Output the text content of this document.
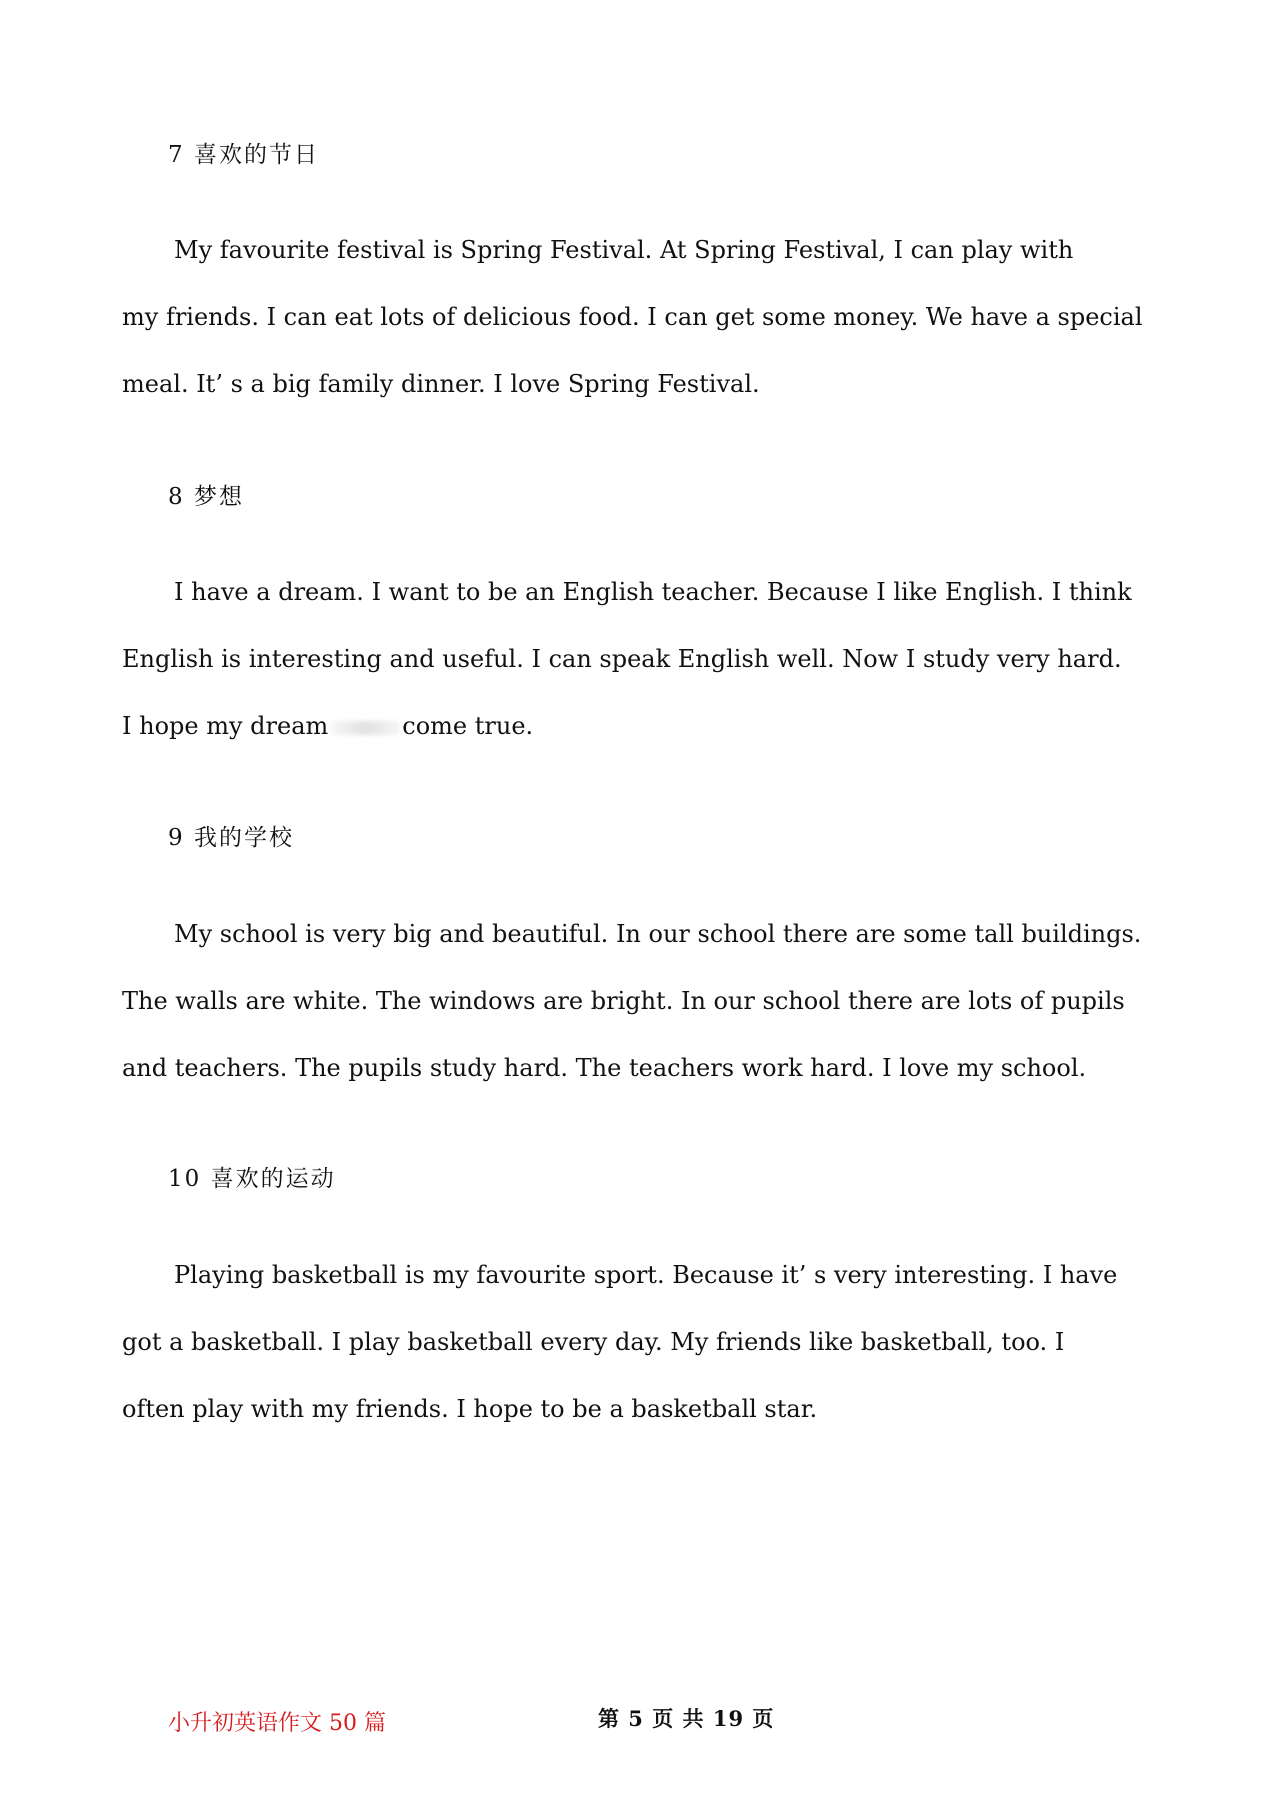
7 喜欢的节日
My favourite festival is Spring Festival. At Spring Festival, I can play with
my friends. I can eat lots of delicious food. I can get some money. We have a special
meal. It’ s a big family dinner. I love Spring Festival.
8 梦想
I have a dream. I want to be an English teacher. Because I like English. I think
English is interesting and useful. I can speak English well. Now I study very hard.
I hope my dream	come true.
9 我的学校
My school is very big and beautiful. In our school there are some tall buildings.
The walls are white. The windows are bright. In our school there are lots of pupils
and teachers. The pupils study hard. The teachers work hard. I love my school.
10 喜欢的运动
Playing basketball is my favourite sport. Because it’ s very interesting. I have
got a basketball. I play basketball every day. My friends like basketball, too. I
often play with my friends. I hope to be a basketball star.
小升初英语作文 50 篇	第 5 页 共 19 页
